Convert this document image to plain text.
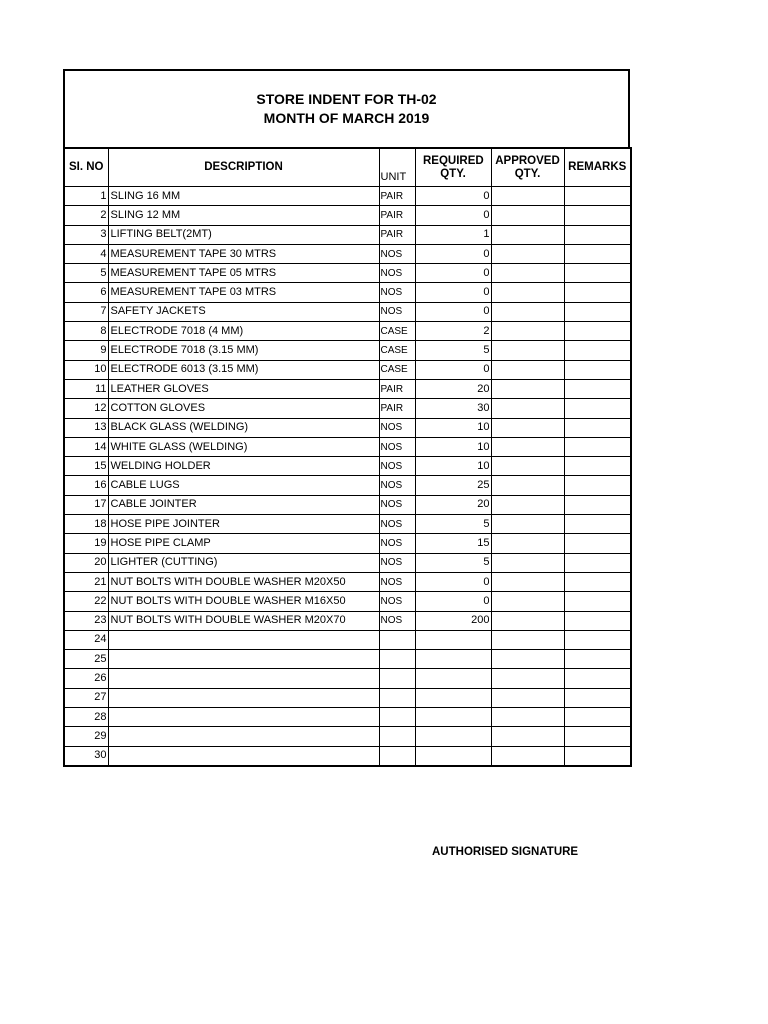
STORE INDENT FOR TH-02
MONTH OF MARCH 2019
SI. NO	DESCRIPTION	UNIT	REQUIRED QTY.	APPROVED QTY.	REMARKS
1	SLING 16 MM	PAIR	0		
2	SLING 12 MM	PAIR	0		
3	LIFTING BELT(2MT)	PAIR	1		
4	MEASUREMENT TAPE 30 MTRS	NOS	0		
5	MEASUREMENT TAPE 05 MTRS	NOS	0		
6	MEASUREMENT TAPE 03 MTRS	NOS	0		
7	SAFETY JACKETS	NOS	0		
8	ELECTRODE 7018 (4 MM)	CASE	2		
9	ELECTRODE 7018 (3.15 MM)	CASE	5		
10	ELECTRODE 6013 (3.15 MM)	CASE	0		
11	LEATHER GLOVES	PAIR	20		
12	COTTON GLOVES	PAIR	30		
13	BLACK GLASS (WELDING)	NOS	10		
14	WHITE GLASS (WELDING)	NOS	10		
15	WELDING HOLDER	NOS	10		
16	CABLE LUGS	NOS	25		
17	CABLE JOINTER	NOS	20		
18	HOSE PIPE JOINTER	NOS	5		
19	HOSE PIPE CLAMP	NOS	15		
20	LIGHTER (CUTTING)	NOS	5		
21	NUT BOLTS WITH DOUBLE WASHER M20X50	NOS	0		
22	NUT BOLTS WITH DOUBLE WASHER M16X50	NOS	0		
23	NUT BOLTS WITH DOUBLE WASHER M20X70	NOS	200		
24					
25					
26					
27					
28					
29					
30					
AUTHORISED SIGNATURE
